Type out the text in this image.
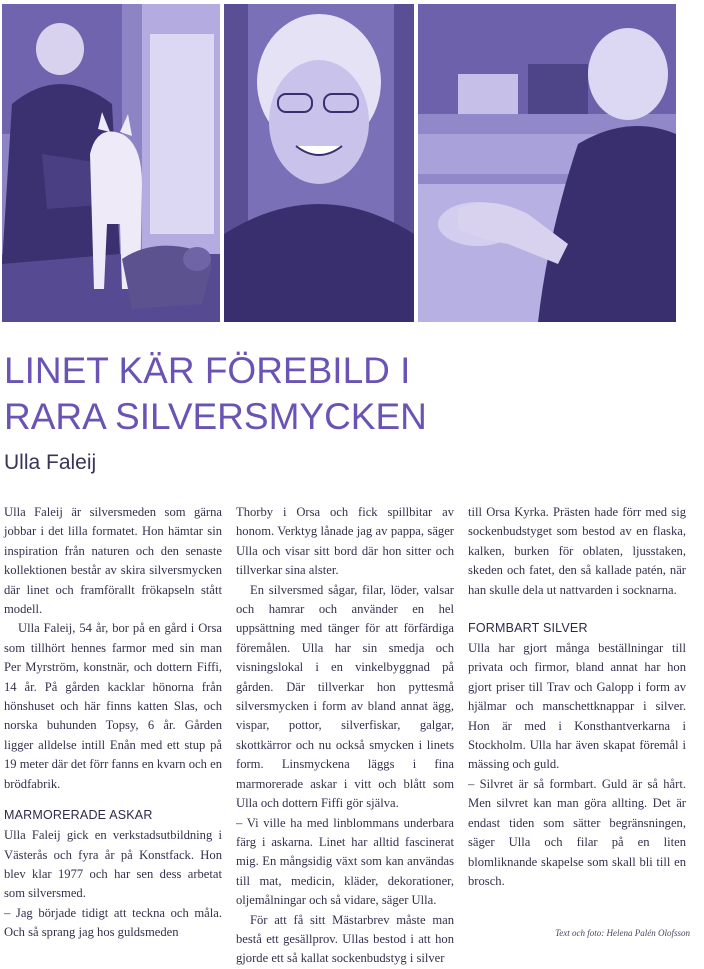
LINET KÄR FÖREBILD I
RARA SILVERSMYCKEN
Ulla Faleij

Ulla Faleij är silversmeden som gärna jobbar i det lilla formatet. Hon hämtar sin inspiration från naturen och den senaste kollektionen består av skira silversmycken där linet och framförallt frökapseln stått modell.

Ulla Faleij, 54 år, bor på en gård i Orsa som tillhört hennes farmor med sin man Per Myrström, konstnär, och dottern Fiffi, 14 år. På gården kacklar hönorna från hönshuset och här finns katten Slas, och norska buhunden Topsy, 6 år. Gården ligger alldelse intill Enån med ett stup på 19 meter där det förr fanns en kvarn och en brödfabrik.

MARMORERADE ASKAR

Ulla Faleij gick en verkstadsutbildning i Västerås och fyra år på Konstfack. Hon blev klar 1977 och har sen dess arbetat som silversmed.

– Jag började tidigt att teckna och måla. Och så sprang jag hos guldsmeden

Thorby i Orsa och fick spillbitar av honom. Verktyg lånade jag av pappa, säger Ulla och visar sitt bord där hon sitter och tillverkar sina alster.

En silversmed sågar, filar, löder, valsar och hamrar och använder en hel uppsättning med tänger för att förfärdiga föremålen. Ulla har sin smedja och visningslokal i en vinkelbyggnad på gården. Där tillverkar hon pyttesmå silversmycken i form av bland annat ägg, vispar, pottor, silverfiskar, galgar, skottkärror och nu också smycken i linets form. Linsmyckena läggs i fina marmorerade askar i vitt och blått som Ulla och dottern Fiffi gör själva.

– Vi ville ha med linblommans underbara färg i askarna. Linet har alltid fascinerat mig. En mångsidig växt som kan användas till mat, medicin, kläder, dekorationer, oljemålningar och så vidare, säger Ulla.

För att få sitt Mästarbrev måste man bestå ett gesällprov. Ullas bestod i att hon gjorde ett så kallat sockenbudstyg i silver

till Orsa Kyrka. Prästen hade förr med sig sockenbudstyget som bestod av en flaska, kalken, burken för oblaten, ljusstaken, skeden och fatet, den så kallade patén, när han skulle dela ut nattvarden i socknarna.

FORMBART SILVER

Ulla har gjort många beställningar till privata och firmor, bland annat har hon gjort priser till Trav och Galopp i form av hjälmar och manschettknappar i silver. Hon är med i Konsthantverkarna i Stockholm. Ulla har även skapat föremål i mässing och guld.

– Silvret är så formbart. Guld är så hårt. Men silvret kan man göra allting. Det är endast tiden som sätter begränsningen, säger Ulla och filar på en liten blomliknande skapelse som skall bli till en brosch.

Text och foto: Helena Palén Olofsson
